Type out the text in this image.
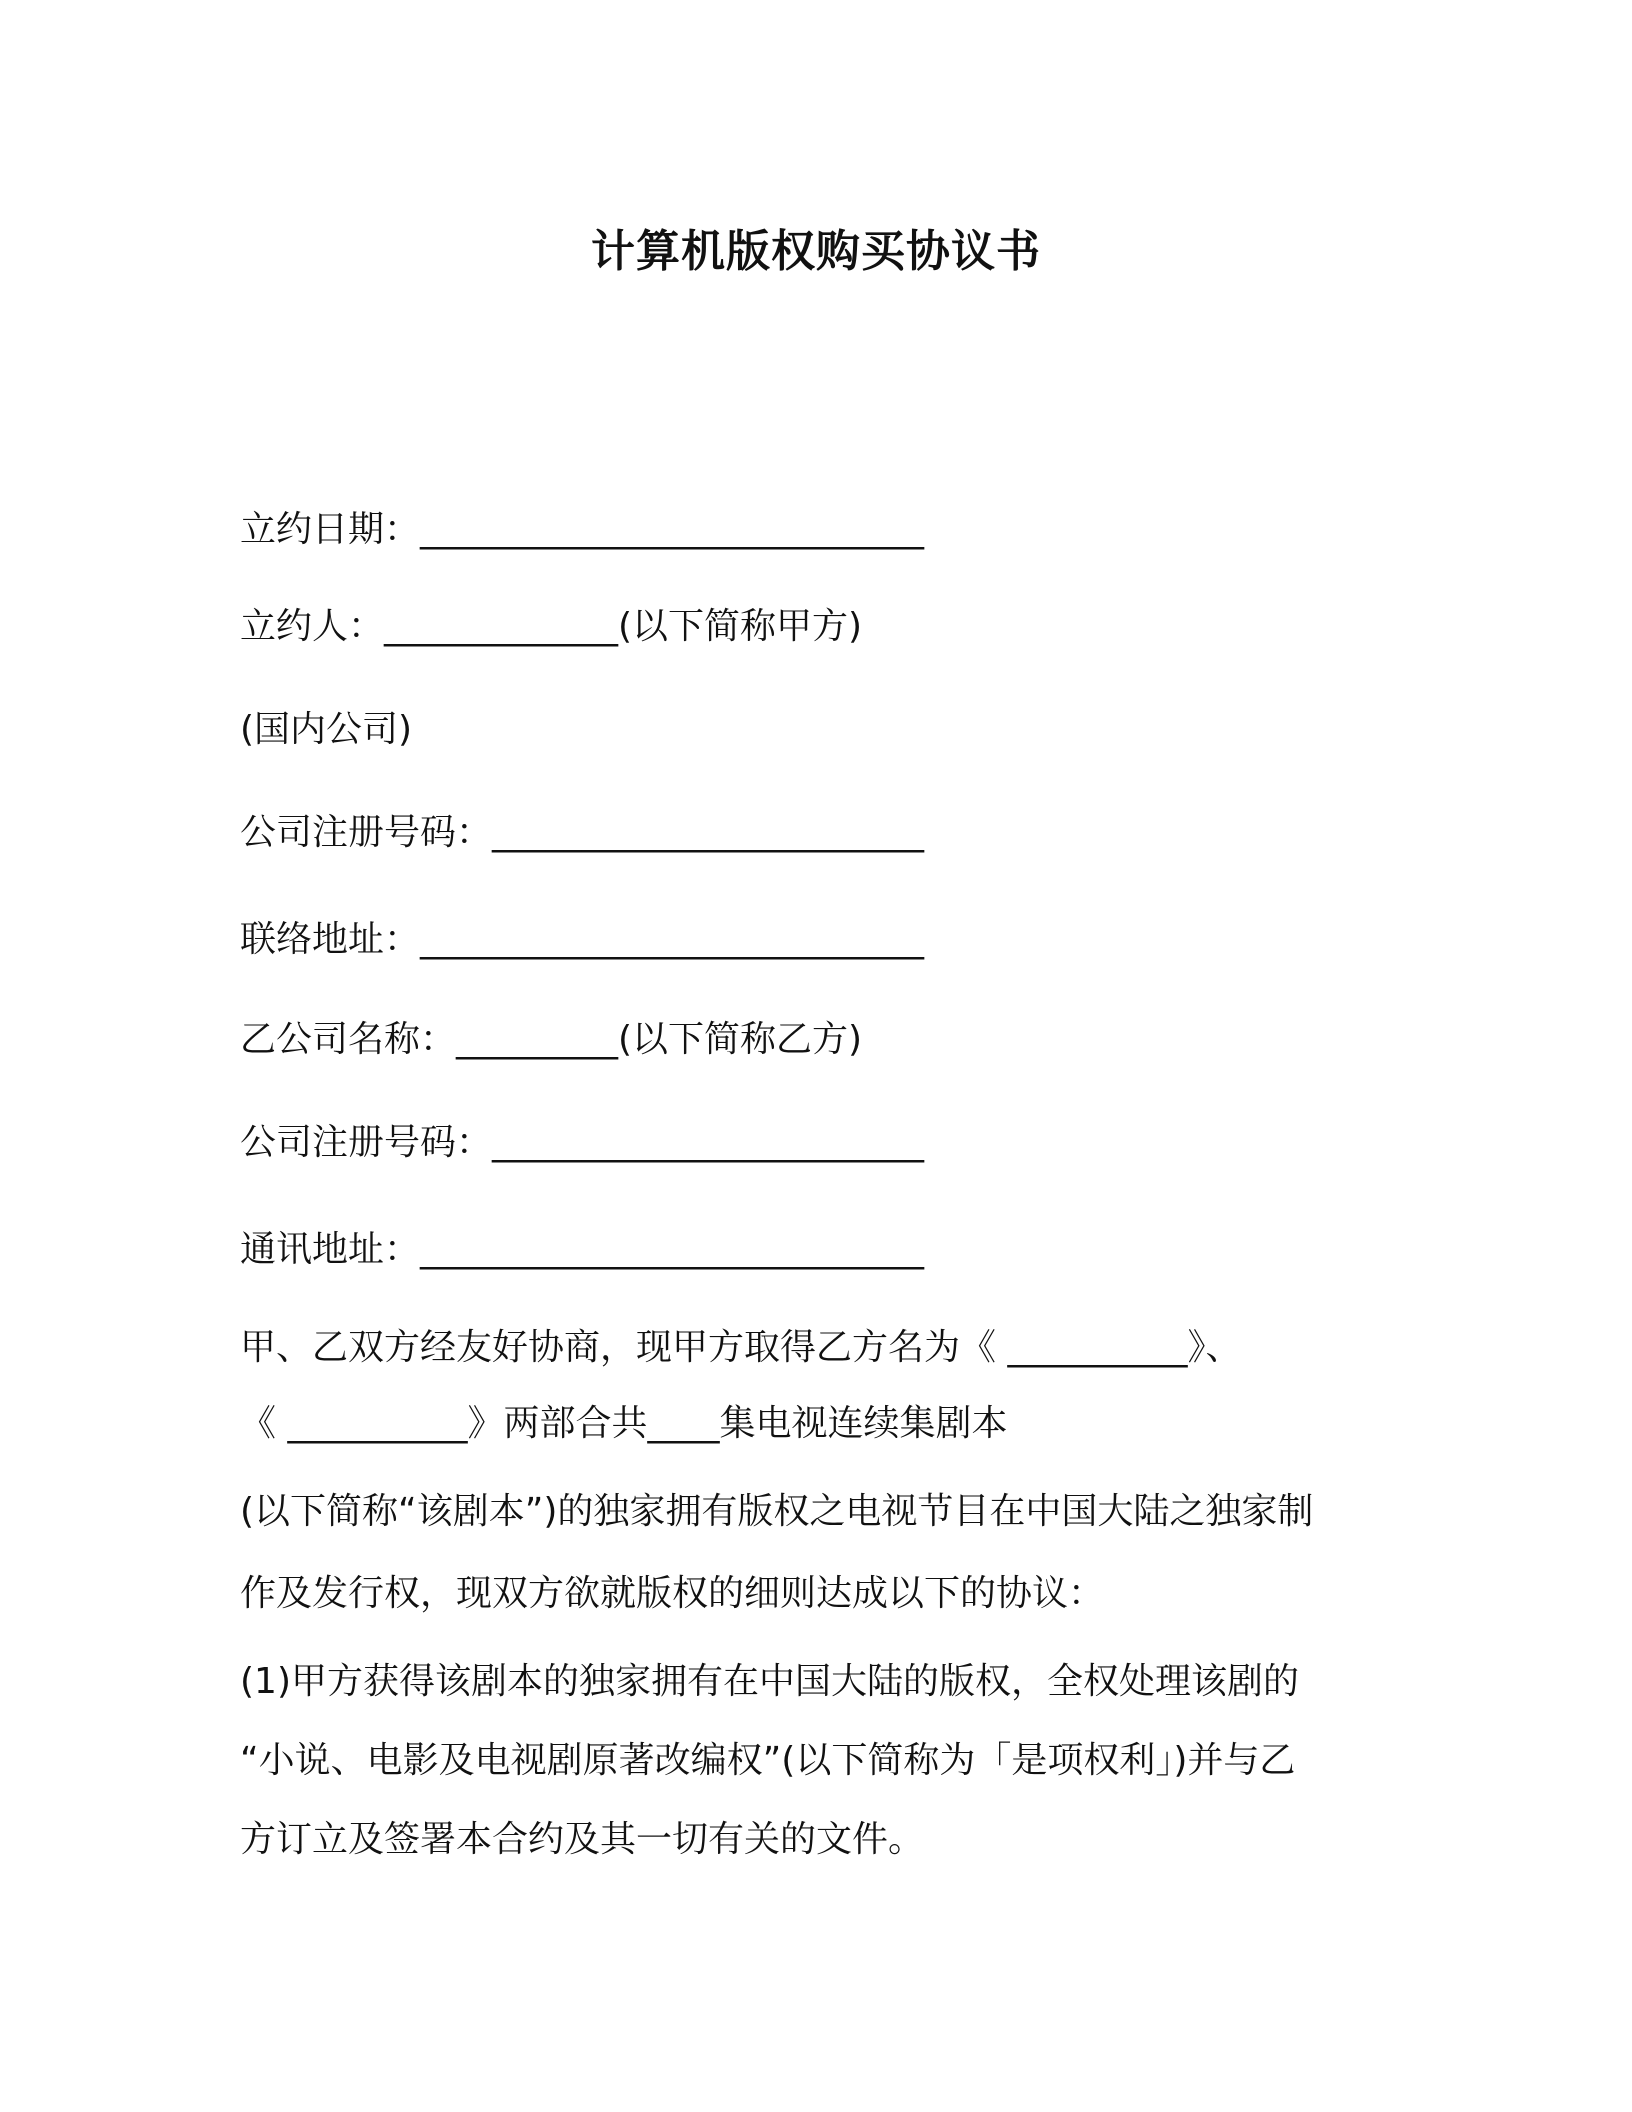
计算机版权购买协议书
立约日期：____________________________
立约人：_____________(以下简称甲方)
(国内公司)
公司注册号码：________________________
联络地址：____________________________
乙公司名称：_________(以下简称乙方)
公司注册号码：________________________
通讯地址：____________________________
甲、乙双方经友好协商，现甲方取得乙方名为《 __________》、
《 __________》两部合共____集电视连续集剧本
(以下简称“该剧本”)的独家拥有版权之电视节目在中国大陆之独家制
作及发行权，现双方欲就版权的细则达成以下的协议：
(1)甲方获得该剧本的独家拥有在中国大陆的版权，全权处理该剧的
“小说、电影及电视剧原著改编权”(以下简称为「是项权利」)并与乙
方订立及签署本合约及其一切有关的文件。
